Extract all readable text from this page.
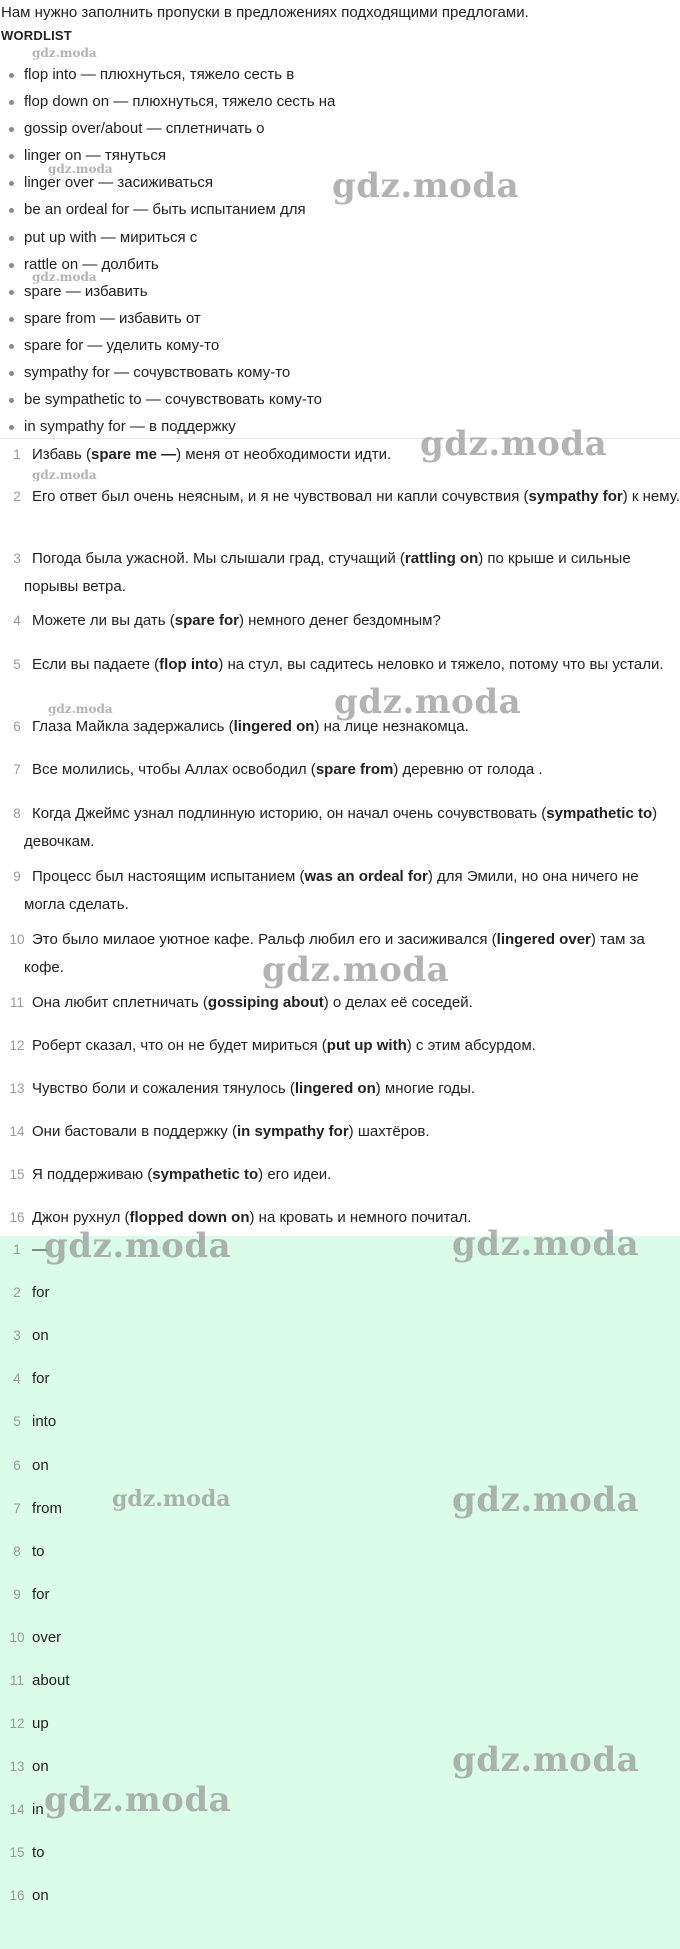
Нам нужно заполнить пропуски в предложениях подходящими предлогами.
WORDLIST
flop into — плюхнуться, тяжело сесть в
flop down on — плюхнуться, тяжело сесть на
gossip over/about — сплетничать о
linger on — тянуться
linger over — засиживаться
be an ordeal for — быть испытанием для
put up with — мириться с
rattle on — долбить
spare — избавить
spare from — избавить от
spare for — уделить кому-то
sympathy for — сочувствовать кому-то
be sympathetic to — сочувствовать кому-то
in sympathy for — в поддержку
1 Избавь (spare me —) меня от необходимости идти.
2 Его ответ был очень неясным, и я не чувствовал ни капли сочувствия (sympathy for) к нему.
3 Погода была ужасной. Мы слышали град, стучащий (rattling on) по крыше и сильные порывы ветра.
4 Можете ли вы дать (spare for) немного денег бездомным?
5 Если вы падаете (flop into) на стул, вы садитесь неловко и тяжело, потому что вы устали.
6 Глаза Майкла задержались (lingered on) на лице незнакомца.
7 Все молились, чтобы Аллах освободил (spare from) деревню от голода .
8 Когда Джеймс узнал подлинную историю, он начал очень сочувствовать (sympathetic to) девочкам.
9 Процесс был настоящим испытанием (was an ordeal for) для Эмили, но она ничего не могла сделать.
10 Это было милаое уютное кафе. Ральф любил его и засиживался (lingered over) там за кофе.
11 Она любит сплетничать (gossiping about) о делах её соседей.
12 Роберт сказал, что он не будет мириться (put up with) с этим абсурдом.
13 Чувство боли и сожаления тянулось (lingered on) многие годы.
14 Они бастовали в поддержку (in sympathy for) шахтёров.
15 Я поддерживаю (sympathetic to) его идеи.
16 Джон рухнул (flopped down on) на кровать и немного почитал.
1 —
2 for
3 on
4 for
5 into
6 on
7 from
8 to
9 for
10 over
11 about
12 up
13 on
14 in
15 to
16 on
gdz.moda
gdz.moda	gdz.moda
gdz.moda
gdz.moda
gdz.moda
gdz.moda
gdz.moda
gdz.moda
gdz.moda	gdz.moda
gdz.moda	gdz.moda
gdz.moda
gdz.moda
